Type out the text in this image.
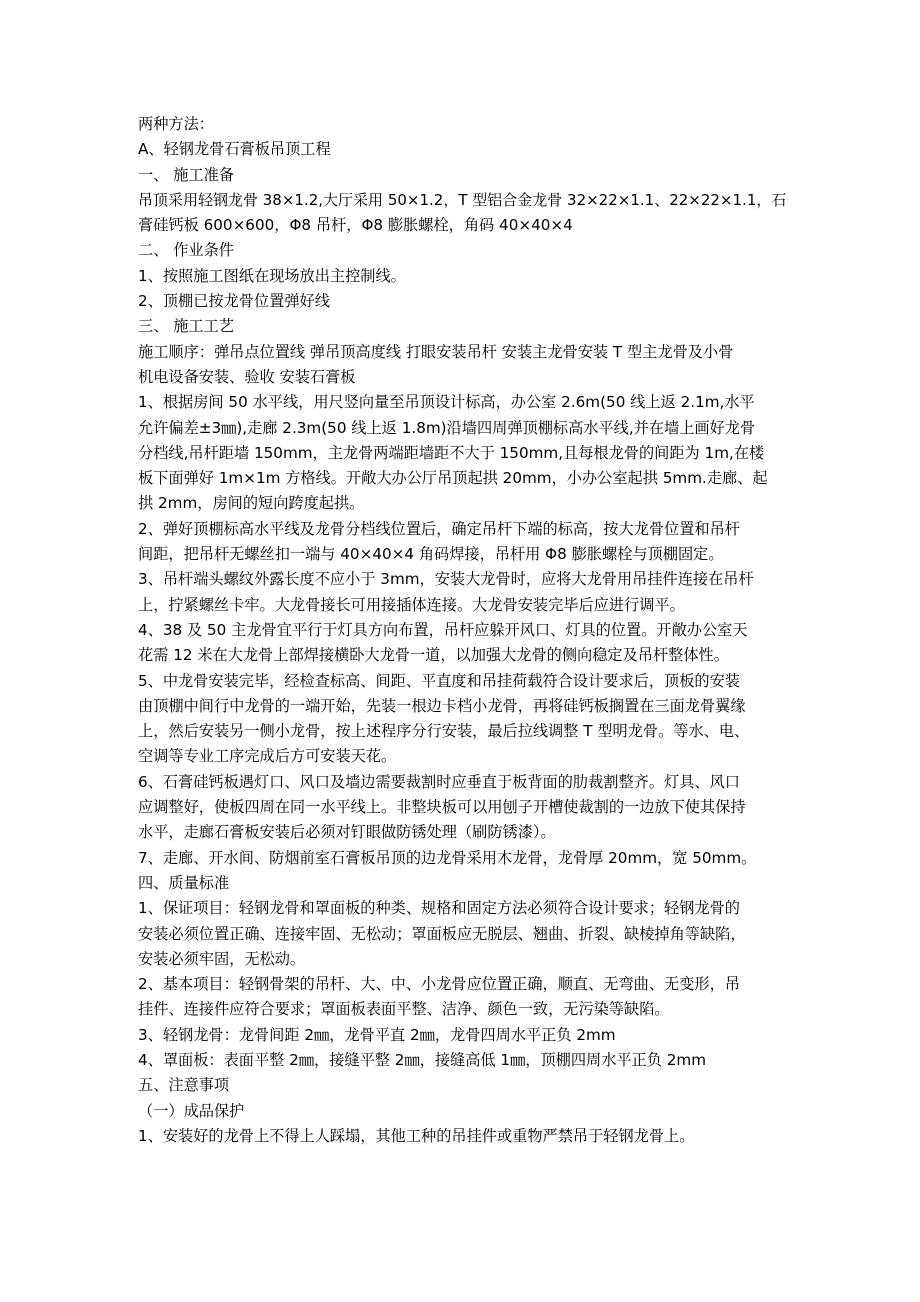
两种方法：
A、轻钢龙骨石膏板吊顶工程
一、 施工准备
吊顶采用轻钢龙骨 38×1.2,大厅采用 50×1.2，T 型铝合金龙骨 32×22×1.1、22×22×1.1，石
膏硅钙板 600×600，Φ8 吊杆，Φ8 膨胀螺栓，角码 40×40×4
二、 作业条件
1、按照施工图纸在现场放出主控制线。
2、顶棚已按龙骨位置弹好线
三、 施工工艺
施工顺序：弹吊点位置线 弹吊顶高度线 打眼安装吊杆 安装主龙骨安装 T 型主龙骨及小骨
机电设备安装、验收 安装石膏板
1、根据房间 50 水平线，用尺竖向量至吊顶设计标高，办公室 2.6m(50 线上返 2.1m,水平
允许偏差±3㎜),走廊 2.3m(50 线上返 1.8m)沿墙四周弹顶棚标高水平线,并在墙上画好龙骨
分档线,吊杆距墙 150mm，主龙骨两端距墙距不大于 150mm,且每根龙骨的间距为 1m,在楼
板下面弹好 1m×1m 方格线。开敞大办公厅吊顶起拱 20mm，小办公室起拱 5mm.走廊、起
拱 2mm，房间的短向跨度起拱。
2、弹好顶棚标高水平线及龙骨分档线位置后，确定吊杆下端的标高，按大龙骨位置和吊杆
间距，把吊杆无螺丝扣一端与 40×40×4 角码焊接，吊杆用 Φ8 膨胀螺栓与顶棚固定。
3、吊杆端头螺纹外露长度不应小于 3mm，安装大龙骨时，应将大龙骨用吊挂件连接在吊杆
上，拧紧螺丝卡牢。大龙骨接长可用接插体连接。大龙骨安装完毕后应进行调平。
4、38 及 50 主龙骨宜平行于灯具方向布置，吊杆应躲开风口、灯具的位置。开敞办公室天
花需 12 米在大龙骨上部焊接横卧大龙骨一道，以加强大龙骨的侧向稳定及吊杆整体性。
5、中龙骨安装完毕，经检查标高、间距、平直度和吊挂荷载符合设计要求后，顶板的安装
由顶棚中间行中龙骨的一端开始，先装一根边卡档小龙骨，再将硅钙板搁置在三面龙骨翼缘
上，然后安装另一侧小龙骨，按上述程序分行安装，最后拉线调整 T 型明龙骨。等水、电、
空调等专业工序完成后方可安装天花。
6、石膏硅钙板遇灯口、风口及墙边需要裁割时应垂直于板背面的肋裁割整齐。灯具、风口
应调整好，使板四周在同一水平线上。非整块板可以用刨子开槽使裁割的一边放下使其保持
水平，走廊石膏板安装后必须对钉眼做防锈处理（刷防锈漆）。
7、走廊、开水间、防烟前室石膏板吊顶的边龙骨采用木龙骨，龙骨厚 20mm，宽 50mm。
四、质量标准
1、保证项目：轻钢龙骨和罩面板的种类、规格和固定方法必须符合设计要求；轻钢龙骨的
安装必须位置正确、连接牢固、无松动；罩面板应无脱层、翘曲、折裂、缺棱掉角等缺陷，
安装必须牢固，无松动。
2、基本项目：轻钢骨架的吊杆、大、中、小龙骨应位置正确，顺直、无弯曲、无变形，吊
挂件、连接件应符合要求；罩面板表面平整、洁净、颜色一致，无污染等缺陷。
3、轻钢龙骨：龙骨间距 2㎜，龙骨平直 2㎜，龙骨四周水平正负 2mm
4、罩面板：表面平整 2㎜，接缝平整 2㎜，接缝高低 1㎜，顶棚四周水平正负 2mm
五、注意事项
（一）成品保护
1、安装好的龙骨上不得上人踩塌，其他工种的吊挂件或重物严禁吊于轻钢龙骨上。
